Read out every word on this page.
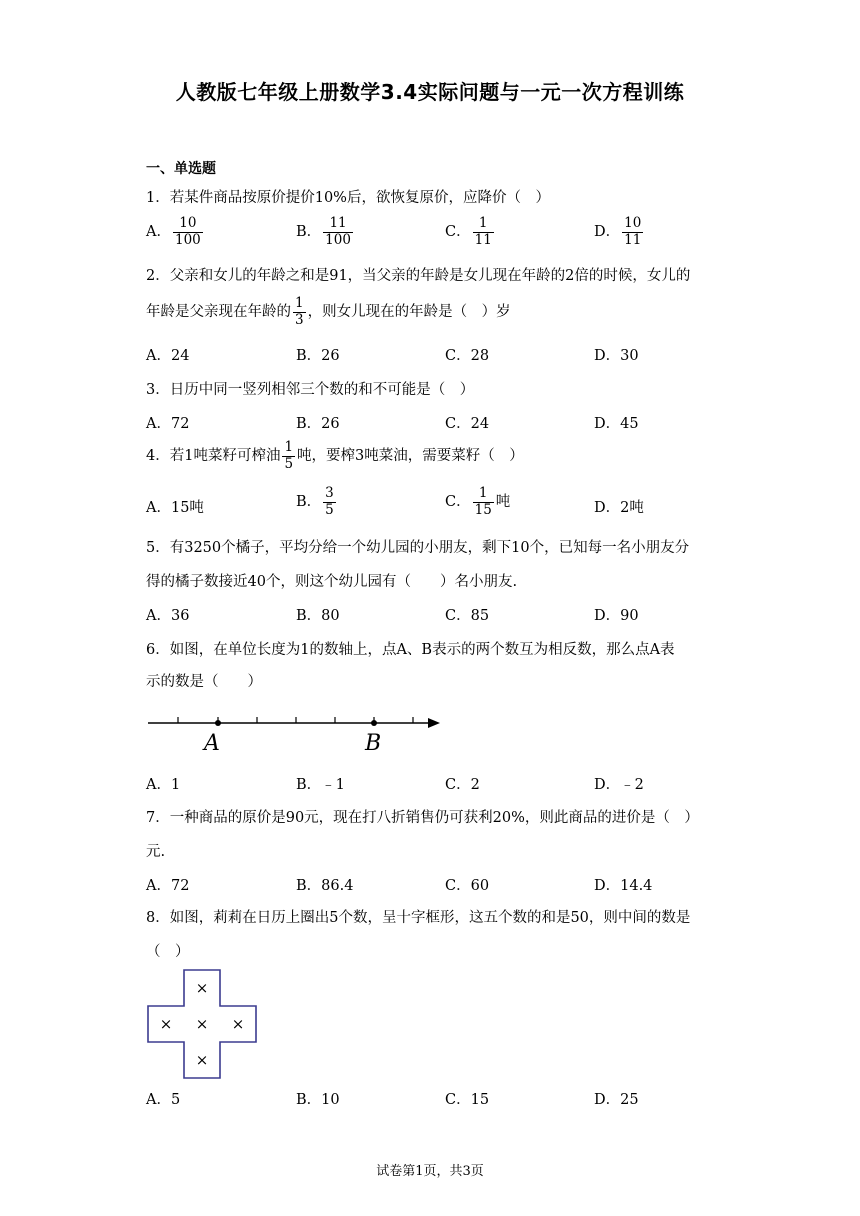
人教版七年级上册数学3.4实际问题与一元一次方程训练
一、单选题
1．若某件商品按原价提价10%后，欲恢复原价，应降价（　）
A． $\frac{10}{100}$	B． $\frac{11}{100}$	C． $\frac{1}{11}$	D． $\frac{10}{11}$
2．父亲和女儿的年龄之和是91，当父亲的年龄是女儿现在年龄的2倍的时候，女儿的
年龄是父亲现在年龄的 $\frac{1}{3}$ ，则女儿现在的年龄是（　）岁
A．24	B．26	C．28	D．30
3．日历中同一竖列相邻三个数的和不可能是（　）
A．72	B．26	C．24	D．45
4．若1吨菜籽可榨油 $\frac{1}{5}$ 吨，要榨3吨菜油，需要菜籽（　）
A．15吨	B． $\frac{3}{5}$	C． $\frac{1}{15}$ 吨	D．2吨
5．有3250个橘子，平均分给一个幼儿园的小朋友，剩下10个，已知每一名小朋友分
得的橘子数接近40个，则这个幼儿园有（　　）名小朋友.
A．36	B．80	C．85	D．90
6．如图，在单位长度为1的数轴上，点A、B表示的两个数互为相反数，那么点A表
示的数是（　　）
A	B
A．1	B．﹣1	C．2	D．﹣2
7．一种商品的原价是90元，现在打八折销售仍可获利20%，则此商品的进价是（　）
元.
A．72	B．86.4	C．60	D．14.4
8．如图，莉莉在日历上圈出5个数，呈十字框形，这五个数的和是50，则中间的数是
（　）
×
× × ×
×
A．5	B．10	C．15	D．25
试卷第1页，共3页
